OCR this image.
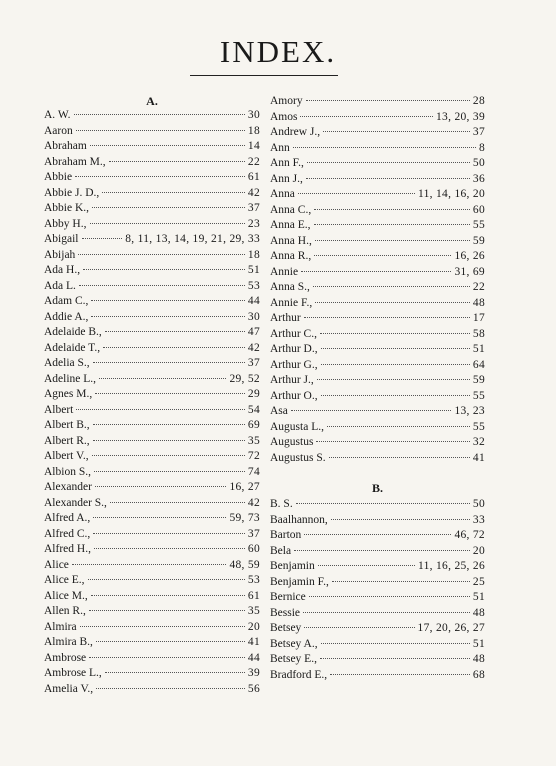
INDEX.
A.
A. W.	30
Aaron	18
Abraham	14
Abraham M.,	22
Abbie	61
Abbie J. D.,	42
Abbie K.,	37
Abby H.,	23
Abigail	8, 11, 13, 14, 19, 21, 29, 33
Abijah	18
Ada H.,	51
Ada L.	53
Adam C.,	44
Addie A.,	30
Adelaide B.,	47
Adelaide T.,	42
Adelia S.,	37
Adeline L.,	29, 52
Agnes M.,	29
Albert	54
Albert B.,	69
Albert R.,	35
Albert V.,	72
Albion S.,	74
Alexander	16, 27
Alexander S.,	42
Alfred A.,	59, 73
Alfred C.,	37
Alfred H.,	60
Alice	48, 59
Alice E.,	53
Alice M.,	61
Allen R.,	35
Almira	20
Almira B.,	41
Ambrose	44
Ambrose L.,	39
Amelia V.,	56
Amory	28
Amos	13, 20, 39
Andrew J.,	37
Ann	8
Ann F.,	50
Ann J.,	36
Anna	11, 14, 16, 20
Anna C.,	60
Anna E.,	55
Anna H.,	59
Anna R.,	16, 26
Annie	31, 69
Anna S.,	22
Annie F.,	48
Arthur	17
Arthur C.,	58
Arthur D.,	51
Arthur G.,	64
Arthur J.,	59
Arthur O.,	55
Asa	13, 23
Augusta L.,	55
Augustus	32
Augustus S.	41
B.
B. S.	50
Baalhannon,	33
Barton	46, 72
Bela	20
Benjamin	11, 16, 25, 26
Benjamin F.,	25
Bernice	51
Bessie	48
Betsey	17, 20, 26, 27
Betsey A.,	51
Betsey E.,	48
Bradford E.,	68
